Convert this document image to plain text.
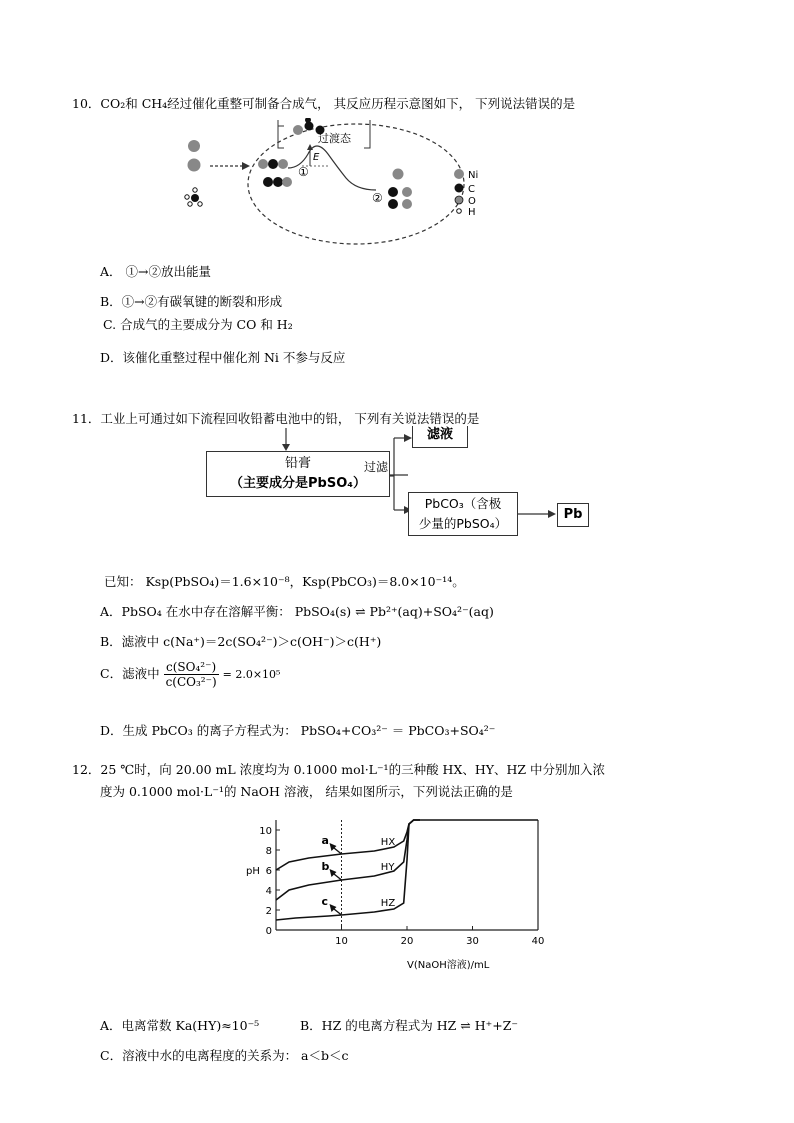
10．CO₂和 CH₄经过催化重整可制备合成气， 其反应历程示意图如下， 下列说法错误的是
过渡态
E
①
②
Ni
C
O
H
A． ①→②放出能量
B．①→②有碳氧键的断裂和形成
C. 合成气的主要成分为 CO 和 H₂
D．该催化重整过程中催化剂 Ni 不参与反应
11．工业上可通过如下流程回收铅蓄电池中的铅， 下列有关说法错误的是
滤液
铅膏
（主要成分是PbSO₄）
过滤
PbCO₃（含极
少量的PbSO₄）
Pb
已知： Ksp(PbSO₄)＝1.6×10⁻⁸，Ksp(PbCO₃)＝8.0×10⁻¹⁴。
A．PbSO₄ 在水中存在溶解平衡： PbSO₄(s) ⇌ Pb²⁺(aq)+SO₄²⁻(aq)
B．滤液中 c(Na⁺)＝2c(SO₄²⁻)＞c(OH⁻)＞c(H⁺)
C．滤液中 $\frac{\text{c(SO₄²⁻)}}{\text{c(CO₃²⁻)}} = 2.0\times 10^5$
D．生成 PbCO₃ 的离子方程式为： PbSO₄+CO₃²⁻ ＝ PbCO₃+SO₄²⁻
12．25 ℃时，向 20.00 mL 浓度均为 0.1000 mol·L⁻¹的三种酸 HX、HY、HZ 中分别加入浓
度为 0.1000 mol·L⁻¹的 NaOH 溶液， 结果如图所示，下列说法正确的是
0
2
4
6
8
10
10	20	30	40
pH
V(NaOH溶液)/mL
HX
HY
HZ
a
b
c
A．电离常数 Ka(HY)≈10⁻⁵	B．HZ 的电离方程式为 HZ ⇌ H⁺+Z⁻
C．溶液中水的电离程度的关系为： a＜b＜c
